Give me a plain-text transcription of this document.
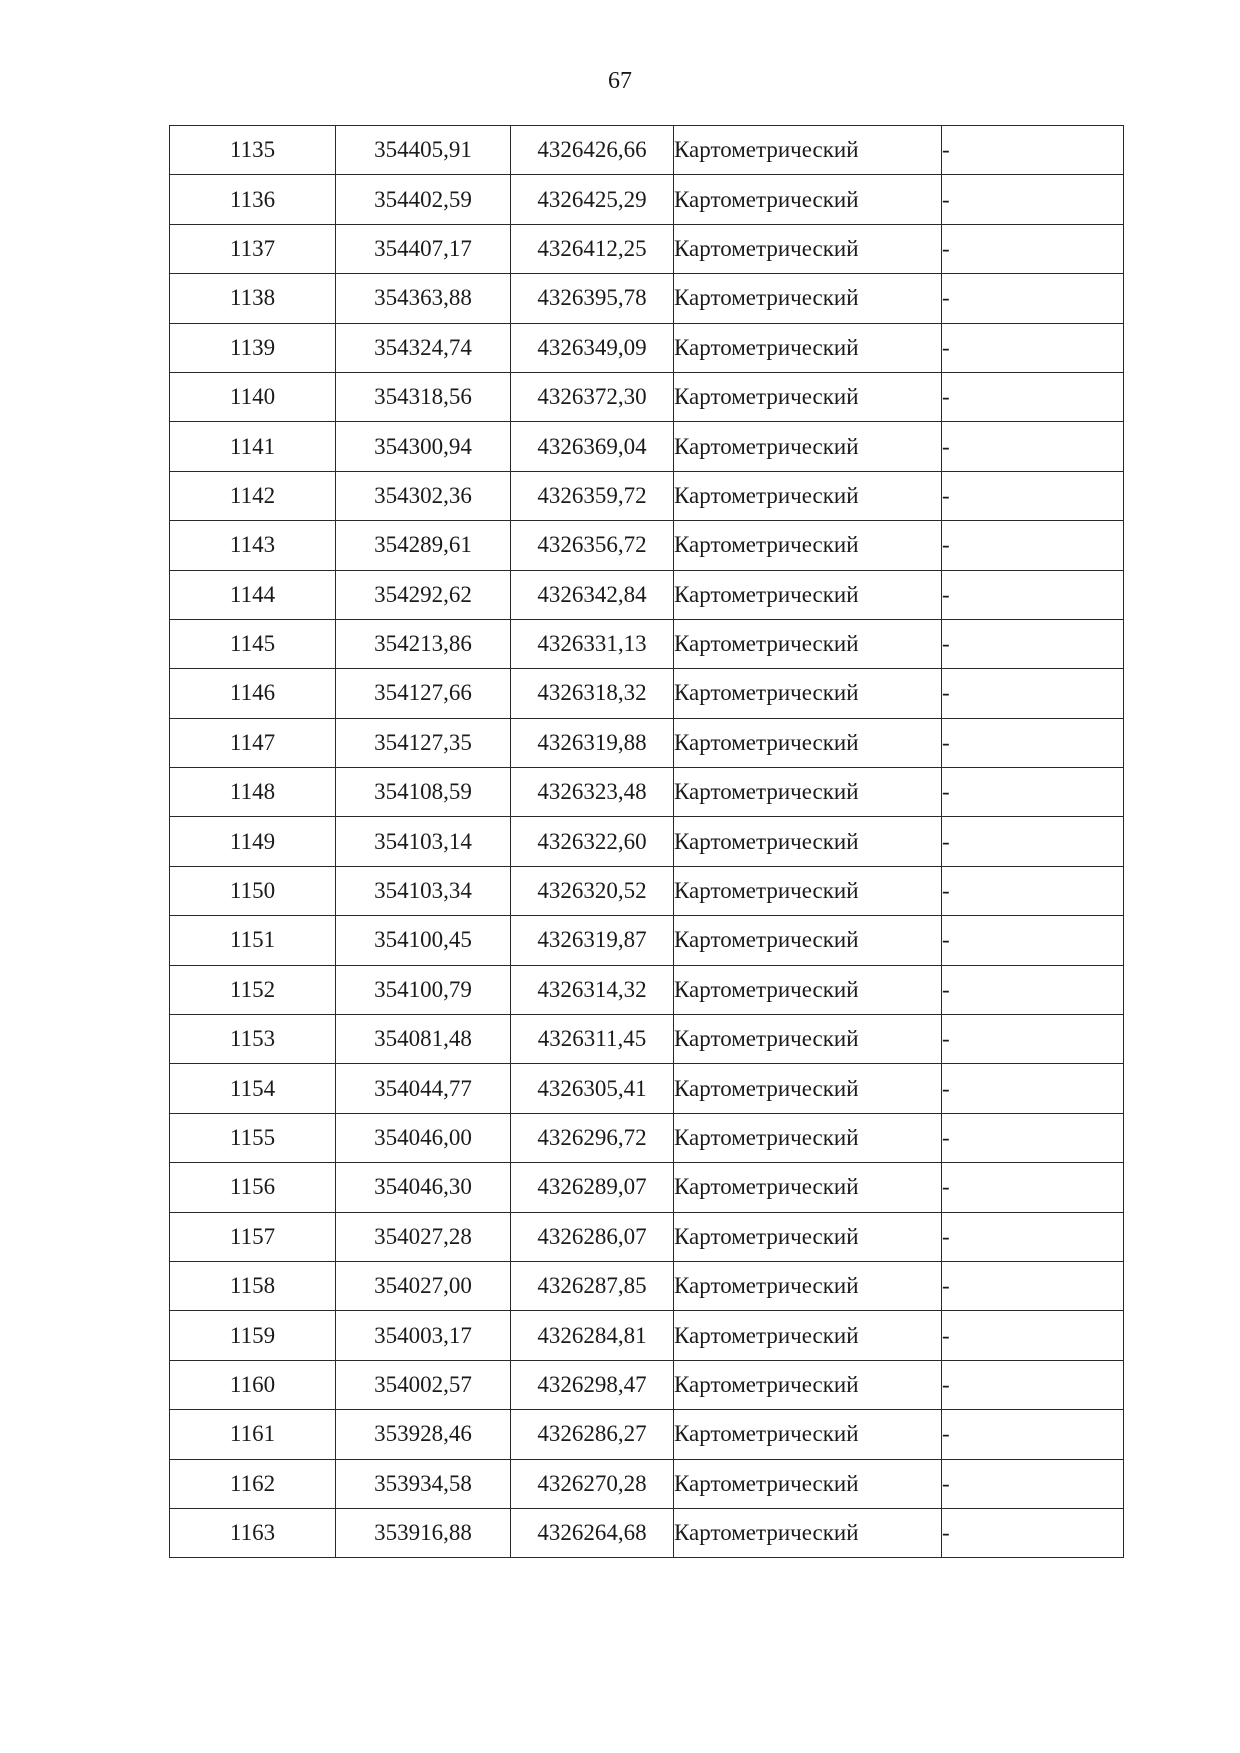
67
1135	354405,91	4326426,66	Картометрический	-
1136	354402,59	4326425,29	Картометрический	-
1137	354407,17	4326412,25	Картометрический	-
1138	354363,88	4326395,78	Картометрический	-
1139	354324,74	4326349,09	Картометрический	-
1140	354318,56	4326372,30	Картометрический	-
1141	354300,94	4326369,04	Картометрический	-
1142	354302,36	4326359,72	Картометрический	-
1143	354289,61	4326356,72	Картометрический	-
1144	354292,62	4326342,84	Картометрический	-
1145	354213,86	4326331,13	Картометрический	-
1146	354127,66	4326318,32	Картометрический	-
1147	354127,35	4326319,88	Картометрический	-
1148	354108,59	4326323,48	Картометрический	-
1149	354103,14	4326322,60	Картометрический	-
1150	354103,34	4326320,52	Картометрический	-
1151	354100,45	4326319,87	Картометрический	-
1152	354100,79	4326314,32	Картометрический	-
1153	354081,48	4326311,45	Картометрический	-
1154	354044,77	4326305,41	Картометрический	-
1155	354046,00	4326296,72	Картометрический	-
1156	354046,30	4326289,07	Картометрический	-
1157	354027,28	4326286,07	Картометрический	-
1158	354027,00	4326287,85	Картометрический	-
1159	354003,17	4326284,81	Картометрический	-
1160	354002,57	4326298,47	Картометрический	-
1161	353928,46	4326286,27	Картометрический	-
1162	353934,58	4326270,28	Картометрический	-
1163	353916,88	4326264,68	Картометрический	-
